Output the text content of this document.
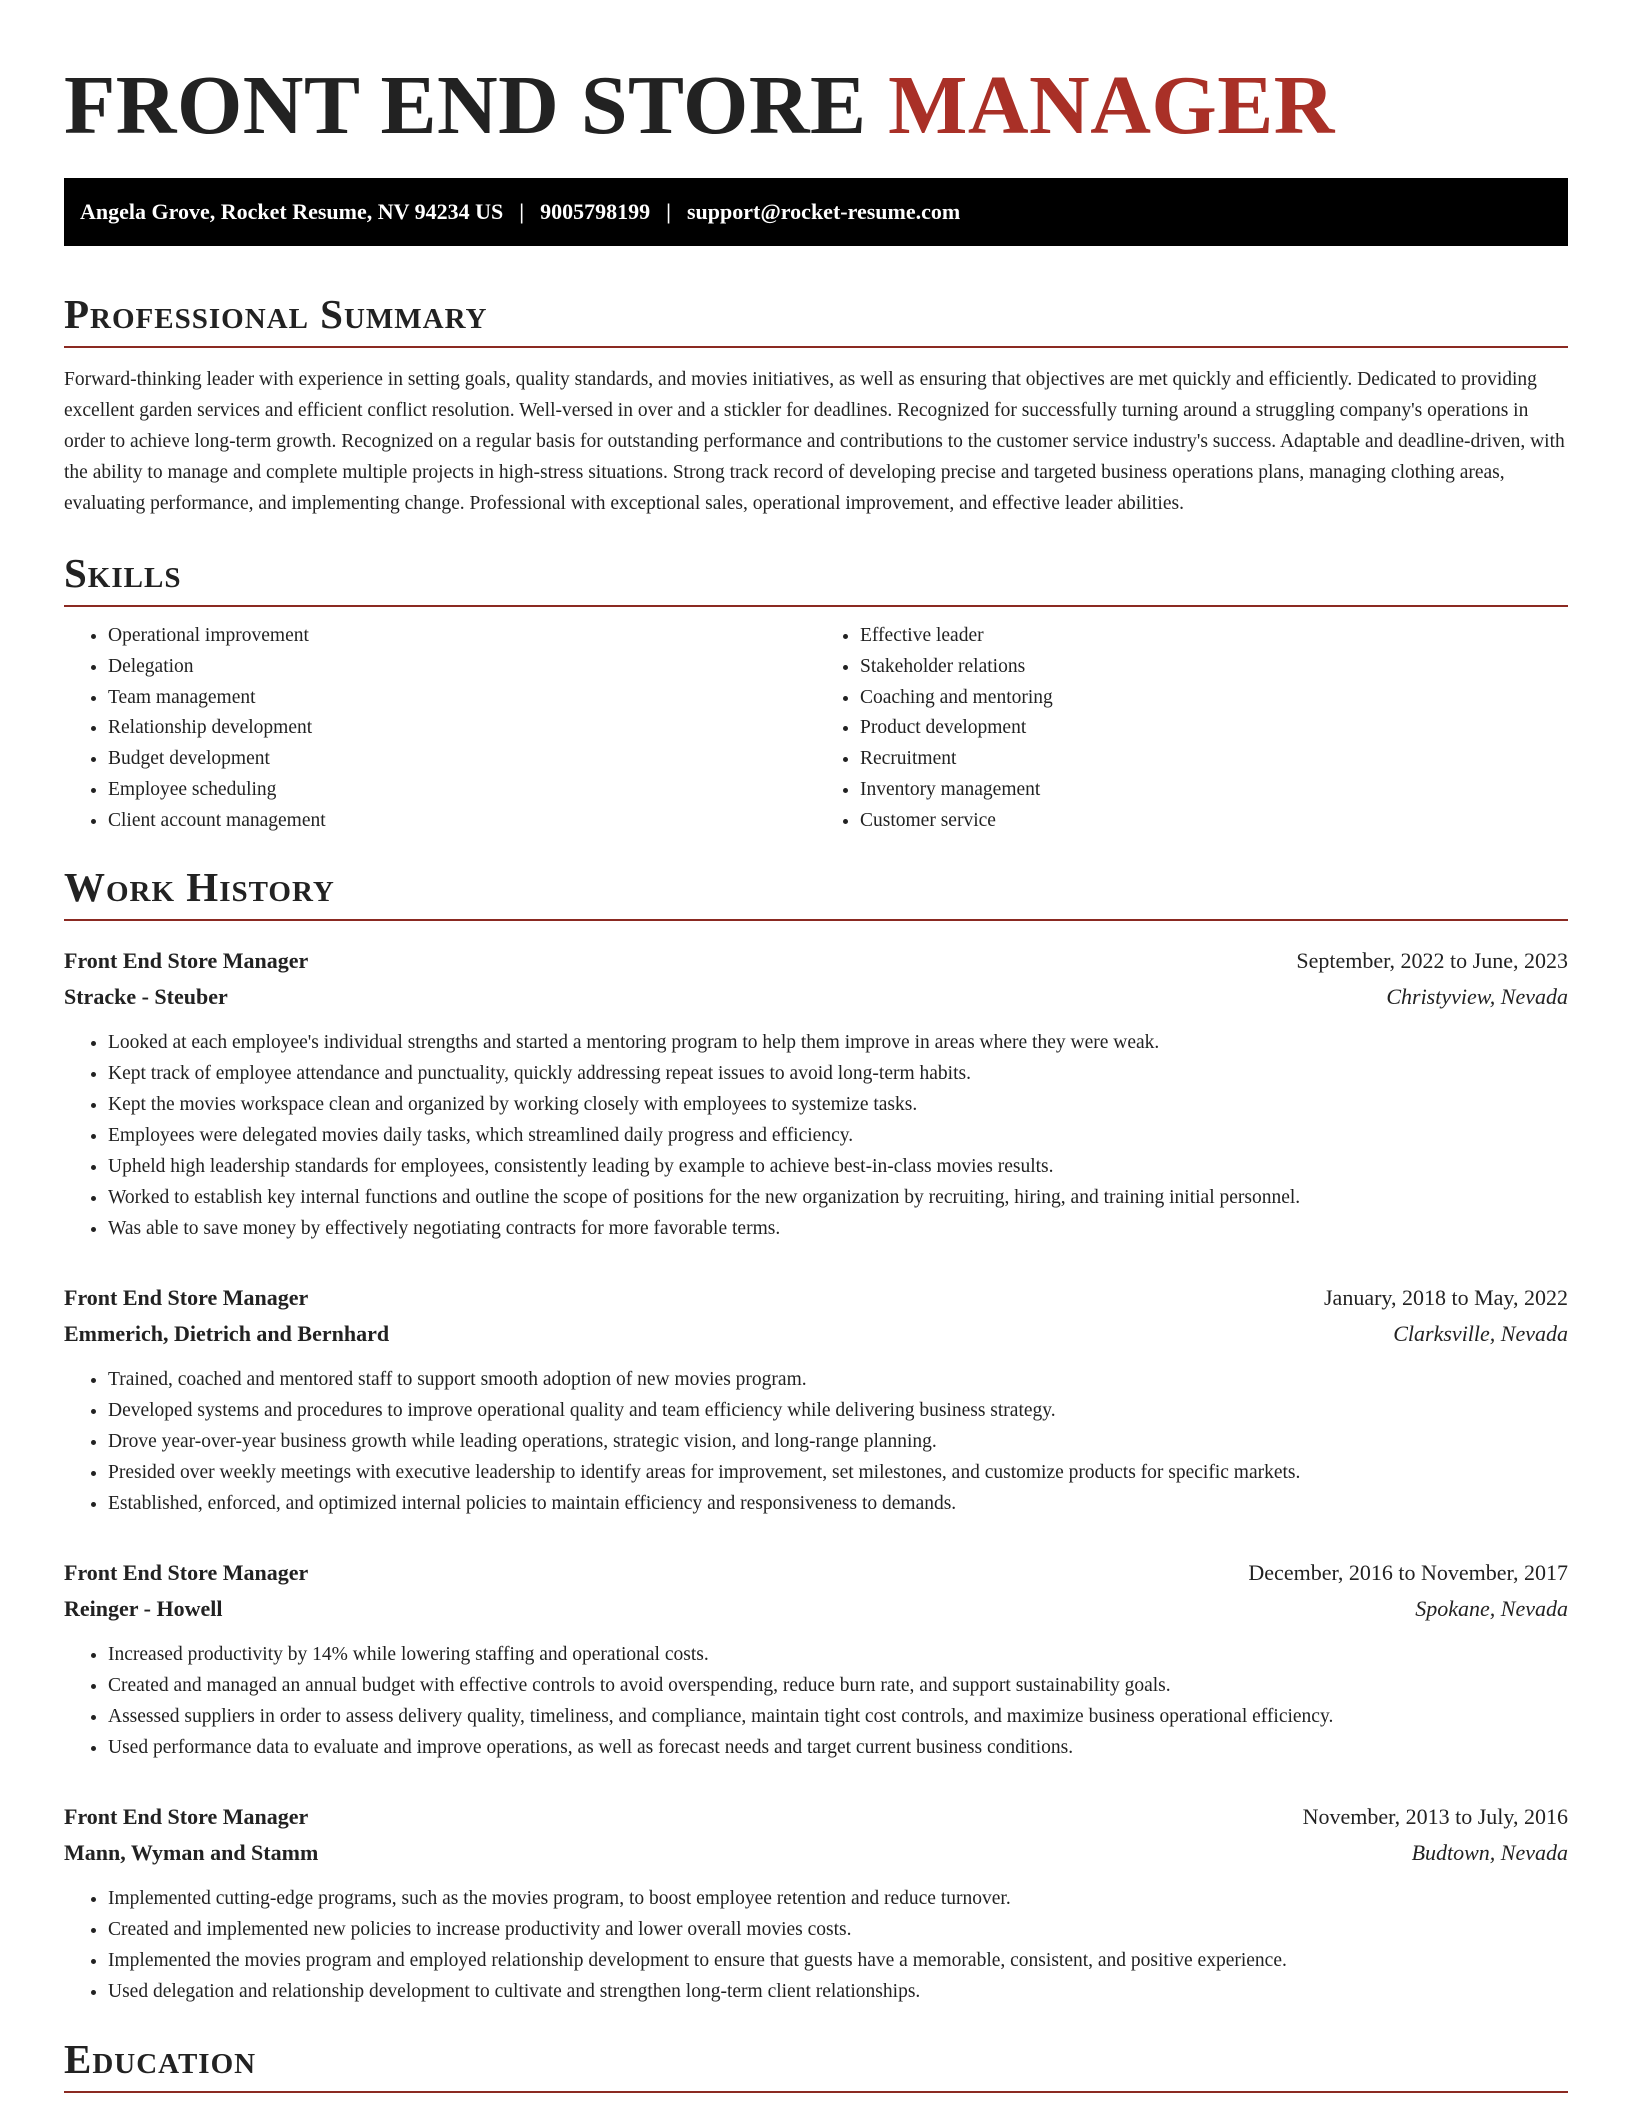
FRONT END STORE MANAGER
Angela Grove, Rocket Resume, NV 94234 US | 9005798199 | support@rocket-resume.com
Professional Summary

Forward-thinking leader with experience in setting goals, quality standards, and movies initiatives, as well as ensuring that objectives are met quickly and efficiently. Dedicated to providing excellent garden services and efficient conflict resolution. Well-versed in over and a stickler for deadlines. Recognized for successfully turning around a struggling company's operations in order to achieve long-term growth. Recognized on a regular basis for outstanding performance and contributions to the customer service industry's success. Adaptable and deadline-driven, with the ability to manage and complete multiple projects in high-stress situations. Strong track record of developing precise and targeted business operations plans, managing clothing areas, evaluating performance, and implementing change. Professional with exceptional sales, operational improvement, and effective leader abilities.

Skills
• Operational improvement
• Delegation
• Team management
• Relationship development
• Budget development
• Employee scheduling
• Client account management
• Effective leader
• Stakeholder relations
• Coaching and mentoring
• Product development
• Recruitment
• Inventory management
• Customer service
Work History
Front End Store Manager	September, 2022 to June, 2023
Stracke - Steuber	Christyview, Nevada
• Looked at each employee's individual strengths and started a mentoring program to help them improve in areas where they were weak.
• Kept track of employee attendance and punctuality, quickly addressing repeat issues to avoid long-term habits.
• Kept the movies workspace clean and organized by working closely with employees to systemize tasks.
• Employees were delegated movies daily tasks, which streamlined daily progress and efficiency.
• Upheld high leadership standards for employees, consistently leading by example to achieve best-in-class movies results.
• Worked to establish key internal functions and outline the scope of positions for the new organization by recruiting, hiring, and training initial personnel.
• Was able to save money by effectively negotiating contracts for more favorable terms.
Front End Store Manager	January, 2018 to May, 2022
Emmerich, Dietrich and Bernhard	Clarksville, Nevada
• Trained, coached and mentored staff to support smooth adoption of new movies program.
• Developed systems and procedures to improve operational quality and team efficiency while delivering business strategy.
• Drove year-over-year business growth while leading operations, strategic vision, and long-range planning.
• Presided over weekly meetings with executive leadership to identify areas for improvement, set milestones, and customize products for specific markets.
• Established, enforced, and optimized internal policies to maintain efficiency and responsiveness to demands.
Front End Store Manager	December, 2016 to November, 2017
Reinger - Howell	Spokane, Nevada
• Increased productivity by 14% while lowering staffing and operational costs.
• Created and managed an annual budget with effective controls to avoid overspending, reduce burn rate, and support sustainability goals.
• Assessed suppliers in order to assess delivery quality, timeliness, and compliance, maintain tight cost controls, and maximize business operational efficiency.
• Used performance data to evaluate and improve operations, as well as forecast needs and target current business conditions.
Front End Store Manager	November, 2013 to July, 2016
Mann, Wyman and Stamm	Budtown, Nevada
• Implemented cutting-edge programs, such as the movies program, to boost employee retention and reduce turnover.
• Created and implemented new policies to increase productivity and lower overall movies costs.
• Implemented the movies program and employed relationship development to ensure that guests have a memorable, consistent, and positive experience.
• Used delegation and relationship development to cultivate and strengthen long-term client relationships.
Education
